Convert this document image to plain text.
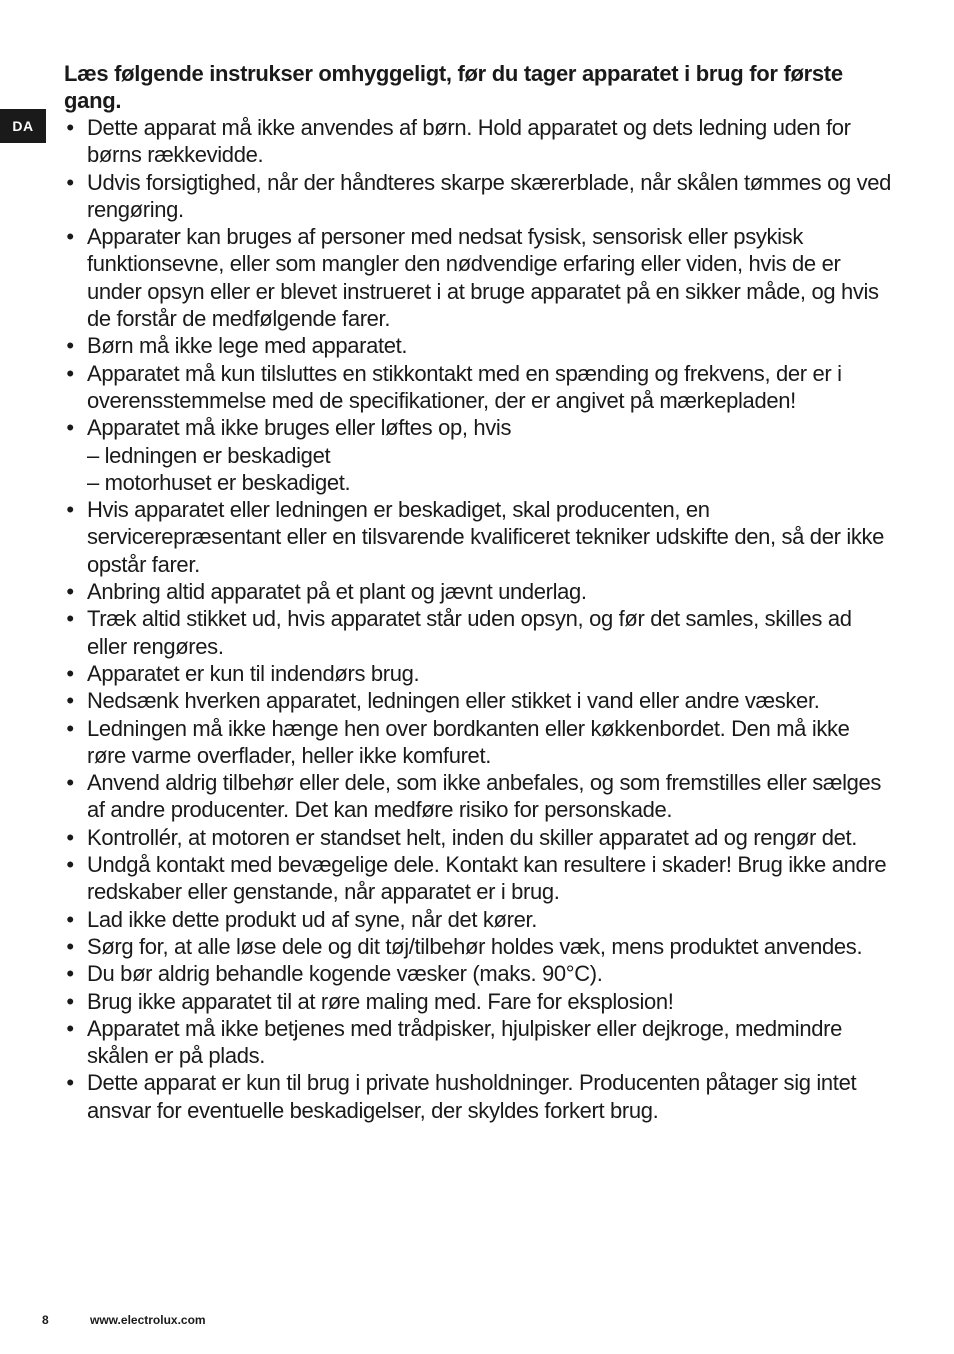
DA
Læs følgende instrukser omhyggeligt, før du tager apparatet i brug for første gang.
• Dette apparat må ikke anvendes af børn. Hold apparatet og dets ledning uden for børns rækkevidde.
• Udvis forsigtighed, når der håndteres skarpe skærerblade, når skålen tømmes og ved rengøring.
• Apparater kan bruges af personer med nedsat fysisk, sensorisk eller psykisk funktionsevne, eller som mangler den nødvendige erfaring eller viden, hvis de er under opsyn eller er blevet instrueret i at bruge apparatet på en sikker måde, og hvis de forstår de medfølgende farer.
• Børn må ikke lege med apparatet.
• Apparatet må kun tilsluttes en stikkontakt med en spænding og frekvens, der er i overensstemmelse med de specifikationer, der er angivet på mærkepladen!
• Apparatet må ikke bruges eller løftes op, hvis
– ledningen er beskadiget
– motorhuset er beskadiget.
• Hvis apparatet eller ledningen er beskadiget, skal producenten, en servicerepræsentant eller en tilsvarende kvalificeret tekniker udskifte den, så der ikke opstår farer.
• Anbring altid apparatet på et plant og jævnt underlag.
• Træk altid stikket ud, hvis apparatet står uden opsyn, og før det samles, skilles ad eller rengøres.
• Apparatet er kun til indendørs brug.
• Nedsænk hverken apparatet, ledningen eller stikket i vand eller andre væsker.
• Ledningen må ikke hænge hen over bordkanten eller køkkenbordet. Den må ikke røre varme overflader, heller ikke komfuret.
• Anvend aldrig tilbehør eller dele, som ikke anbefales, og som fremstilles eller sælges af andre producenter. Det kan medføre risiko for personskade.
• Kontrollér, at motoren er standset helt, inden du skiller apparatet ad og rengør det.
• Undgå kontakt med bevægelige dele. Kontakt kan resultere i skader! Brug ikke andre redskaber eller genstande, når apparatet er i brug.
• Lad ikke dette produkt ud af syne, når det kører.
• Sørg for, at alle løse dele og dit tøj/tilbehør holdes væk, mens produktet anvendes.
• Du bør aldrig behandle kogende væsker (maks. 90°C).
• Brug ikke apparatet til at røre maling med. Fare for eksplosion!
• Apparatet må ikke betjenes med trådpisker, hjulpisker eller dejkroge, medmindre skålen er på plads.
• Dette apparat er kun til brug i private husholdninger. Producenten påtager sig intet ansvar for eventuelle beskadigelser, der skyldes forkert brug.
8	www.electrolux.com
